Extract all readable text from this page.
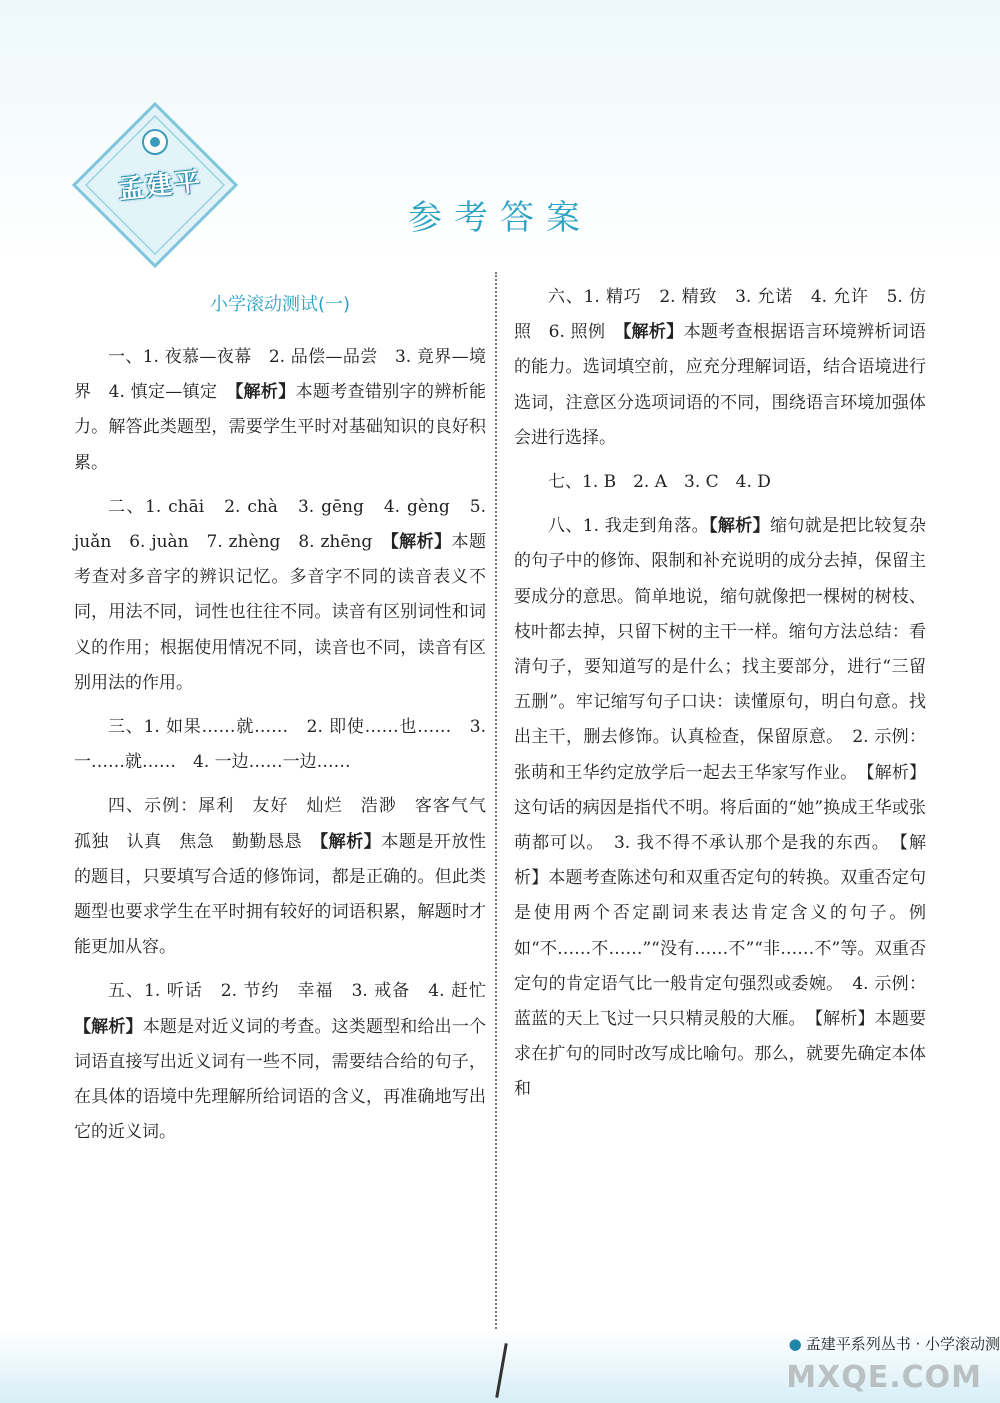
孟建平
参考答案

小学滚动测试(一)

一、1. 夜慕—夜幕　2. 品偿—品尝　3. 竟界—境界　4. 慎定—镇定　【解析】本题考查错别字的辨析能力。解答此类题型，需要学生平时对基础知识的良好积累。

二、1. chāi　2. chà　3. gēng　4. gèng　5. juǎn　6. juàn　7. zhèng　8. zhēng　【解析】本题考查对多音字的辨识记忆。多音字不同的读音表义不同，用法不同，词性也往往不同。读音有区别词性和词义的作用；根据使用情况不同，读音也不同，读音有区别用法的作用。

三、1. 如果……就……　2. 即使……也……　3. 一……就……　4. 一边……一边……

四、示例：犀利　友好　灿烂　浩渺　客客气气　孤独　认真　焦急　勤勤恳恳　【解析】本题是开放性的题目，只要填写合适的修饰词，都是正确的。但此类题型也要求学生在平时拥有较好的词语积累，解题时才能更加从容。

五、1. 听话　2. 节约　幸福　3. 戒备　4. 赶忙　【解析】本题是对近义词的考查。这类题型和给出一个词语直接写出近义词有一些不同，需要结合给的句子，在具体的语境中先理解所给词语的含义，再准确地写出它的近义词。

六、1. 精巧　2. 精致　3. 允诺　4. 允许　5. 仿照　6. 照例　【解析】本题考查根据语言环境辨析词语的能力。选词填空前，应充分理解词语，结合语境进行选词，注意区分选项词语的不同，围绕语言环境加强体会进行选择。

七、1. B　2. A　3. C　4. D

八、1. 我走到角落。【解析】缩句就是把比较复杂的句子中的修饰、限制和补充说明的成分去掉，保留主要成分的意思。简单地说，缩句就像把一棵树的树枝、枝叶都去掉，只留下树的主干一样。缩句方法总结：看清句子，要知道写的是什么；找主要部分，进行“三留五删”。牢记缩写句子口诀：读懂原句，明白句意。找出主干，删去修饰。认真检查，保留原意。　2. 示例：张萌和王华约定放学后一起去王华家写作业。　【解析】这句话的病因是指代不明。将后面的“她”换成王华或张萌都可以。　3. 我不得不承认那个是我的东西。　【解析】本题考查陈述句和双重否定句的转换。双重否定句是使用两个否定副词来表达肯定含义的句子。例如“不……不……”“没有……不”“非……不”等。双重否定句的肯定语气比一般肯定句强烈或委婉。　4. 示例：蓝蓝的天上飞过一只只精灵般的大雁。　【解析】本题要求在扩句的同时改写成比喻句。那么，就要先确定本体和

● 孟建平系列丛书 · 小学滚动测
MXQE.COM
